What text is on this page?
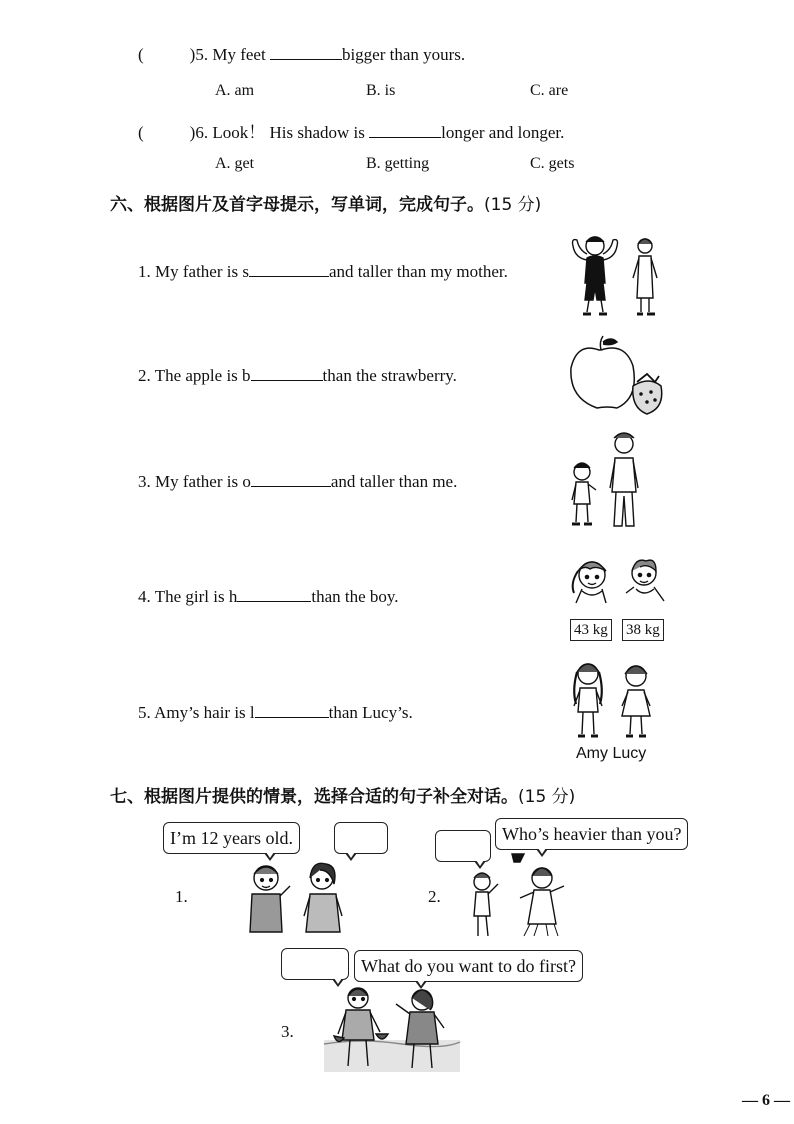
(	)5. My feet	bigger than yours.
A. am	B. is	C. are
(	)6. Look！ His shadow is	longer and longer.
A. get	B. getting	C. gets
六、根据图片及首字母提示，写单词，完成句子。(15 分)
1. My father is s	and taller than my mother.
2. The apple is b	than the strawberry.
3. My father is o	and taller than me.
4. The girl is h	than the boy.
5. Amy’s hair is l	than Lucy’s.
43 kg 38 kg
Amy Lucy
七、根据图片提供的情景，选择合适的句子补全对话。(15 分)
I’m 12 years old.
1.
Who’s heavier than you?
2.
What do you want to do first?
3.
— 6 —
